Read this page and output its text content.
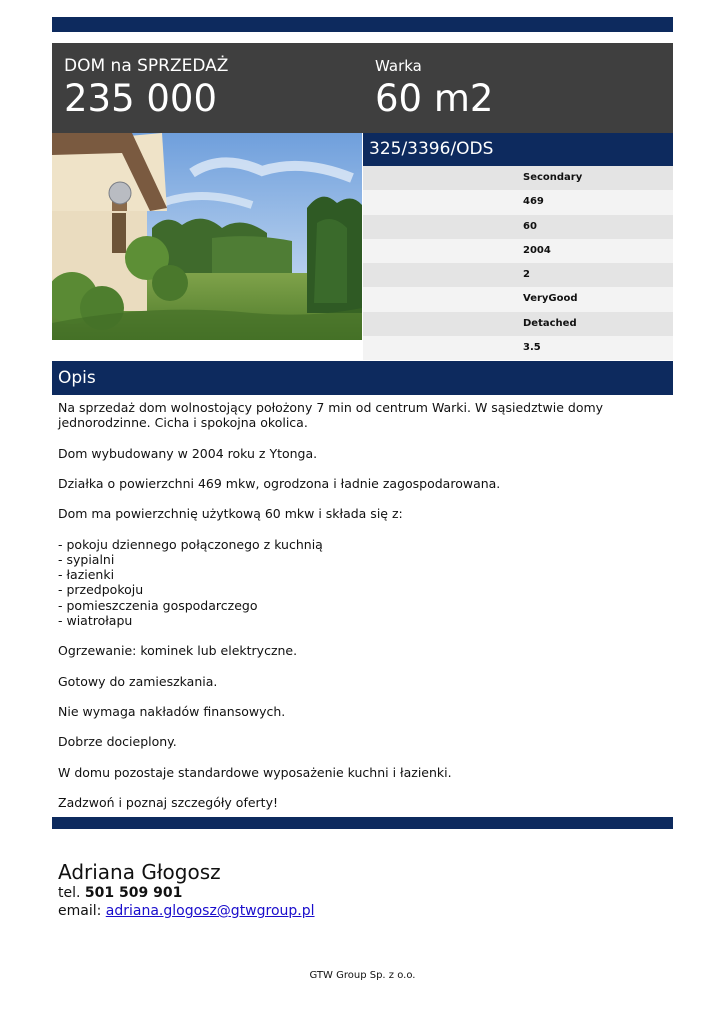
DOM na SPRZEDAŻ
235 000
Warka
60 m2
325/3396/ODS
Secondary
469
60
2004
2
VeryGood
Detached
3.5
Opis

Na sprzedaż dom wolnostojący położony 7 min od centrum Warki. W sąsiedztwie domy jednorodzinne. Cicha i spokojna okolica.

Dom wybudowany w 2004 roku z Ytonga.

Działka o powierzchni 469 mkw, ogrodzona i ładnie zagospodarowana.

Dom ma powierzchnię użytkową 60 mkw i składa się z:

- pokoju dziennego połączonego z kuchnią

- sypialni

- łazienki

- przedpokoju

- pomieszczenia gospodarczego

- wiatrołapu

Ogrzewanie: kominek lub elektryczne.

Gotowy do zamieszkania.

Nie wymaga nakładów finansowych.

Dobrze docieplony.

W domu pozostaje standardowe wyposażenie kuchni i łazienki.

Zadzwoń i poznaj szczegóły oferty!

Adriana Głogosz
tel. 501 509 901
email: adriana.glogosz@gtwgroup.pl
GTW Group Sp. z o.o.
